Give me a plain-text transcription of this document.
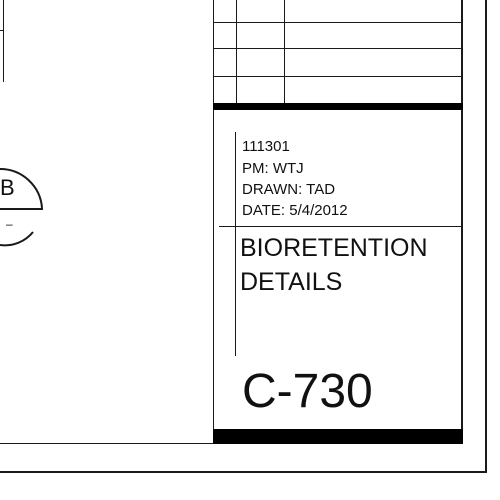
111301
PM: WTJ
DRAWN: TAD
DATE: 5/4/2012
BIORETENTION
DETAILS
C-730
B
–
